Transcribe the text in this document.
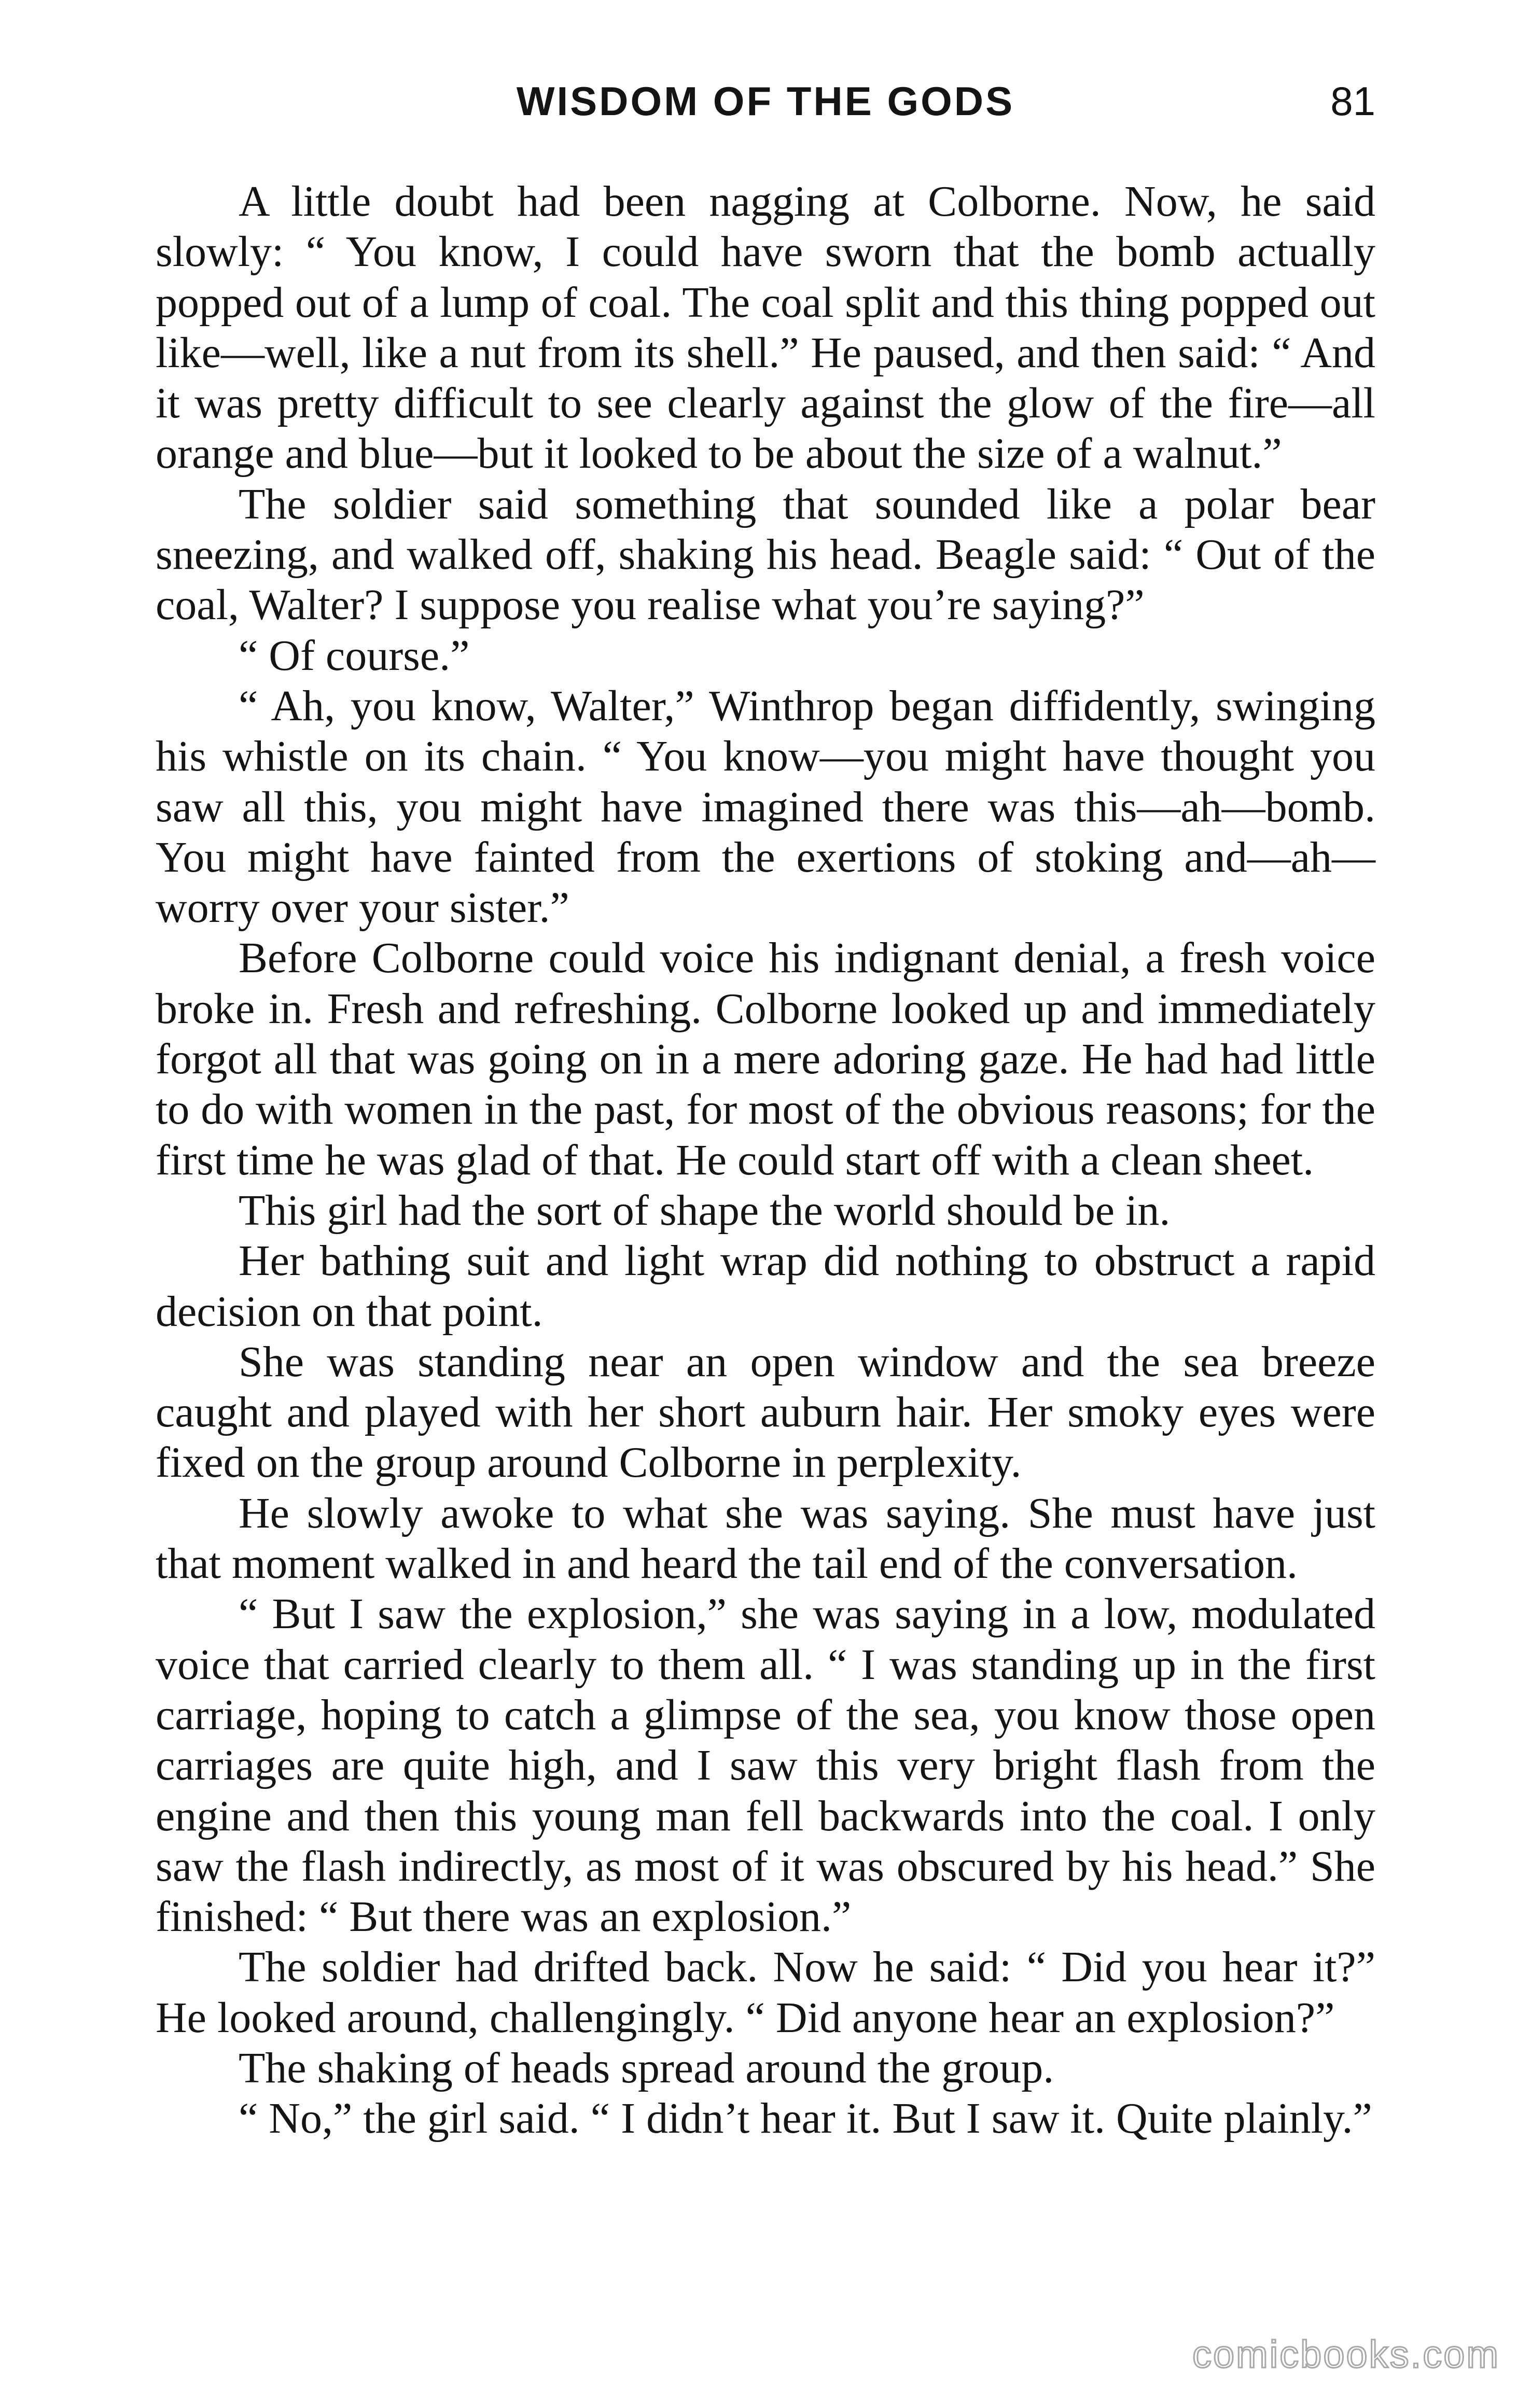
WISDOM OF THE GODS	81

A little doubt had been nagging at Colborne. Now, he said slowly: “ You know, I could have sworn that the bomb actually popped out of a lump of coal. The coal split and this thing popped out like—well, like a nut from its shell.” He paused, and then said: “ And it was pretty difficult to see clearly against the glow of the fire—all orange and blue—but it looked to be about the size of a walnut.”

The soldier said something that sounded like a polar bear sneezing, and walked off, shaking his head. Beagle said: “ Out of the coal, Walter? I suppose you realise what you’re saying?”

“ Of course.”

“ Ah, you know, Walter,” Winthrop began diffidently, swinging his whistle on its chain. “ You know—you might have thought you saw all this, you might have imagined there was this—ah—bomb. You might have fainted from the exertions of stoking and—ah—worry over your sister.”

Before Colborne could voice his indignant denial, a fresh voice broke in. Fresh and refreshing. Colborne looked up and immediately forgot all that was going on in a mere adoring gaze. He had had little to do with women in the past, for most of the obvious reasons; for the first time he was glad of that. He could start off with a clean sheet.

This girl had the sort of shape the world should be in.

Her bathing suit and light wrap did nothing to obstruct a rapid decision on that point.

She was standing near an open window and the sea breeze caught and played with her short auburn hair. Her smoky eyes were fixed on the group around Colborne in perplexity.

He slowly awoke to what she was saying. She must have just that moment walked in and heard the tail end of the conversation.

“ But I saw the explosion,” she was saying in a low, modulated voice that carried clearly to them all. “ I was standing up in the first carriage, hoping to catch a glimpse of the sea, you know those open carriages are quite high, and I saw this very bright flash from the engine and then this young man fell backwards into the coal. I only saw the flash indirectly, as most of it was obscured by his head.” She finished: “ But there was an explosion.”

The soldier had drifted back. Now he said: “ Did you hear it?” He looked around, challengingly. “ Did anyone hear an explosion?”

The shaking of heads spread around the group.

“ No,” the girl said. “ I didn’t hear it. But I saw it. Quite plainly.”

comicbooks.com
